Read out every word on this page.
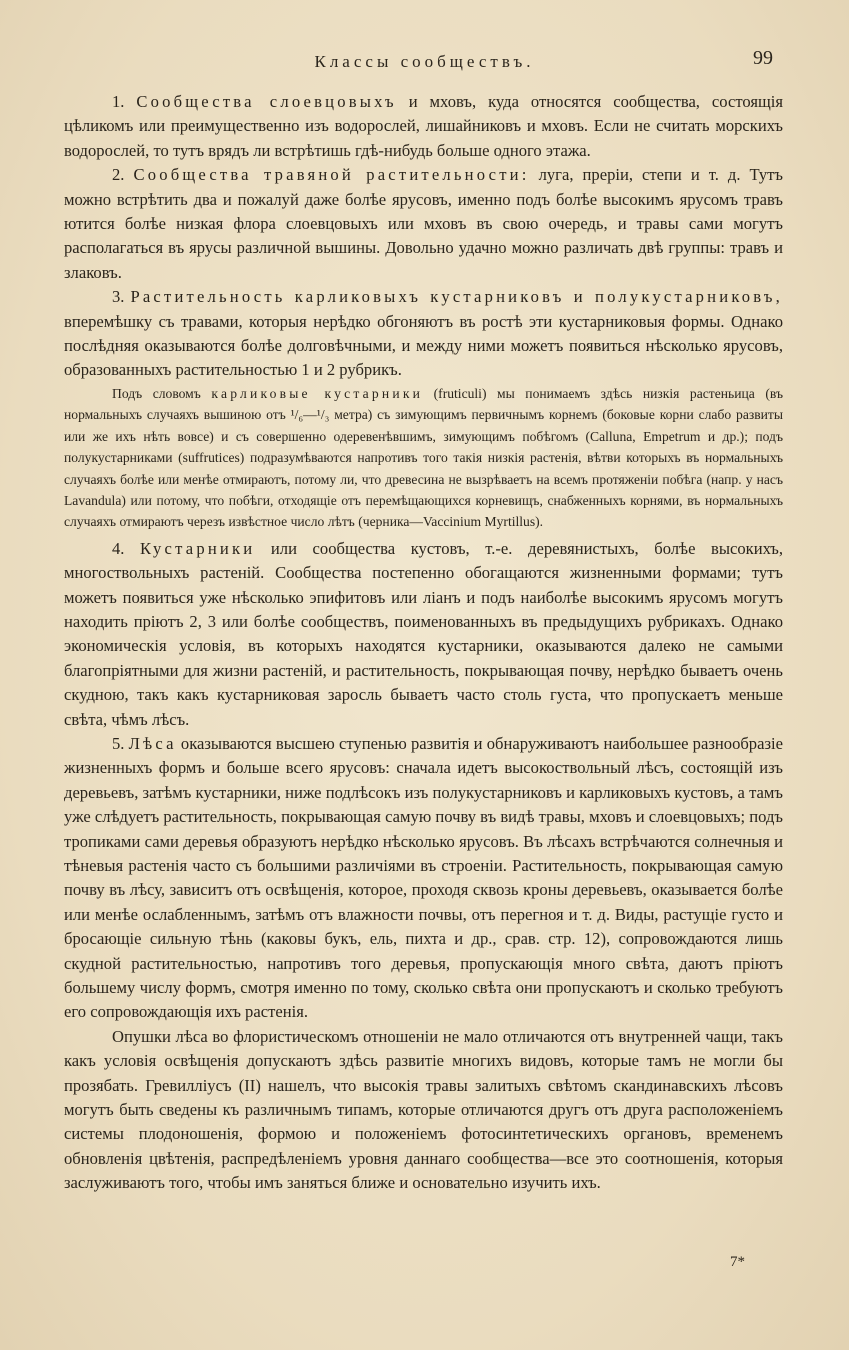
Классы сообществъ.	99

1. Сообщества слоевцовыхъ и мховъ, куда относятся сообщества, состоящія цѣликомъ или преимущественно изъ водорослей, лишайниковъ и мховъ. Если не считать морскихъ водорослей, то тутъ врядъ ли встрѣтишь гдѣ-нибудь больше одного этажа.

2. Сообщества травяной растительности: луга, преріи, степи и т. д. Тутъ можно встрѣтить два и пожалуй даже болѣе ярусовъ, именно подъ болѣе высокимъ ярусомъ травъ ютится болѣе низкая флора слоевцовыхъ или мховъ въ свою очередь, и травы сами могутъ располагаться въ ярусы различной вышины. Довольно удачно можно различать двѣ группы: травъ и злаковъ.

3. Растительность карликовыхъ кустарниковъ и полукустарниковъ, вперемѣшку съ травами, которыя нерѣдко обгоняютъ въ ростѣ эти кустарниковыя формы. Однако послѣдняя оказываются болѣе долговѣчными, и между ними можетъ появиться нѣсколько ярусовъ, образованныхъ растительностью 1 и 2 рубрикъ.

Подъ словомъ карликовые кустарники (fruticuli) мы понимаемъ здѣсь низкія растеньица (въ нормальныхъ случаяхъ вышиною отъ ¹/₆—¹/₃ метра) съ зимующимъ первичнымъ корнемъ (боковые корни слабо развиты или же ихъ нѣть вовсе) и съ совершенно одеревенѣвшимъ, зимующимъ побѣгомъ (Calluna, Empetrum и др.); подъ полукустарниками (suffrutices) подразумѣваются напротивъ того такія низкія растенія, вѣтви которыхъ въ нормальныхъ случаяхъ болѣе или менѣе отмираютъ, потому ли, что древесина не вызрѣваетъ на всемъ протяженіи побѣга (напр. у насъ Lavandula) или потому, что побѣги, отходящіе отъ перемѣщающихся корневищъ, снабженныхъ корнями, въ нормальныхъ случаяхъ отмираютъ черезъ извѣстное число лѣтъ (черника—Vaccinium Myrtillus).

4. Кустарники или сообщества кустовъ, т.-е. деревянистыхъ, болѣе высокихъ, многоствольныхъ растеній. Сообщества постепенно обогащаются жизненными формами; тутъ можетъ появиться уже нѣсколько эпифитовъ или ліанъ и подъ наиболѣе высокимъ ярусомъ могутъ находить пріютъ 2, 3 или болѣе сообществъ, поименованныхъ въ предыдущихъ рубрикахъ. Однако экономическія условія, въ которыхъ находятся кустарники, оказываются далеко не самыми благопріятными для жизни растеній, и растительность, покрывающая почву, нерѣдко бываетъ очень скудною, такъ какъ кустарниковая заросль бываетъ часто столь густа, что пропускаетъ меньше свѣта, чѣмъ лѣсъ.

5. Лѣса оказываются высшею ступенью развитія и обнаруживаютъ наибольшее разнообразіе жизненныхъ формъ и больше всего ярусовъ: сначала идетъ высокоствольный лѣсъ, состоящій изъ деревьевъ, затѣмъ кустарники, ниже подлѣсокъ изъ полукустарниковъ и карликовыхъ кустовъ, а тамъ уже слѣдуетъ растительность, покрывающая самую почву въ видѣ травы, мховъ и слоевцовыхъ; подъ тропиками сами деревья образуютъ нерѣдко нѣсколько ярусовъ. Въ лѣсахъ встрѣчаются солнечныя и тѣневыя растенія часто съ большими различіями въ строеніи. Растительность, покрывающая самую почву въ лѣсу, зависитъ отъ освѣщенія, которое, проходя сквозь кроны деревьевъ, оказывается болѣе или менѣе ослабленнымъ, затѣмъ отъ влажности почвы, отъ перегноя и т. д. Виды, растущіе густо и бросающіе сильную тѣнь (каковы букъ, ель, пихта и др., срав. стр. 12), сопровождаются лишь скудной растительностью, напротивъ того деревья, пропускающія много свѣта, даютъ пріютъ большему числу формъ, смотря именно по тому, сколько свѣта они пропускаютъ и сколько требуютъ его сопровождающія ихъ растенія.

Опушки лѣса во флористическомъ отношеніи не мало отличаются отъ внутренней чащи, такъ какъ условія освѣщенія допускаютъ здѣсь развитіе многихъ видовъ, которые тамъ не могли бы прозябать. Гревилліусъ (II) нашелъ, что высокія травы залитыхъ свѣтомъ скандинавскихъ лѣсовъ могутъ быть сведены къ различнымъ типамъ, которые отличаются другъ отъ друга расположеніемъ системы плодоношенія, формою и положеніемъ фотосинтетическихъ органовъ, временемъ обновленія цвѣтенія, распредѣленіемъ уровня даннаго сообщества—все это соотношенія, которыя заслуживаютъ того, чтобы имъ заняться ближе и основательно изучить ихъ.

7*
